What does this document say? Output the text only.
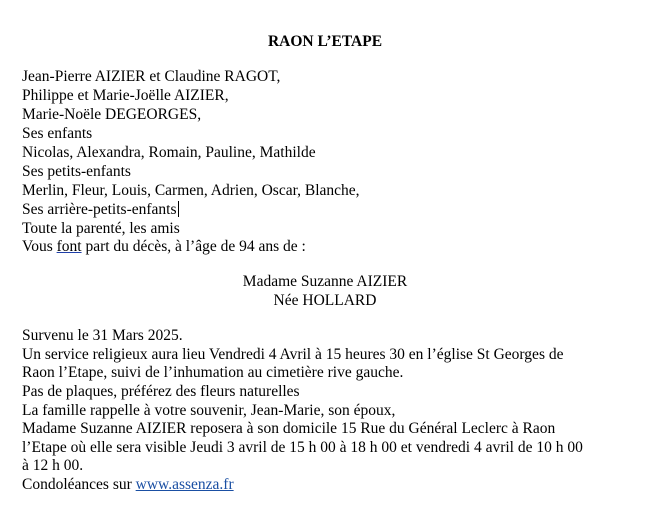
RAON L’ETAPE
Jean-Pierre AIZIER et Claudine RAGOT,
Philippe et Marie-Joëlle AIZIER,
Marie-Noële DEGEORGES,
Ses enfants
Nicolas, Alexandra, Romain, Pauline, Mathilde
Ses petits-enfants
Merlin, Fleur, Louis, Carmen, Adrien, Oscar, Blanche,
Ses arrière-petits-enfants
Toute la parenté, les amis
Vous font part du décès, à l’âge de 94 ans de :
Madame Suzanne AIZIER
Née HOLLARD
Survenu le 31 Mars 2025.
Un service religieux aura lieu Vendredi 4 Avril à 15 heures 30 en l’église St Georges de
Raon l’Etape, suivi de l’inhumation au cimetière rive gauche.
Pas de plaques, préférez des fleurs naturelles
La famille rappelle à votre souvenir, Jean-Marie, son époux,
Madame Suzanne AIZIER reposera à son domicile 15 Rue du Général Leclerc à Raon
l’Etape où elle sera visible Jeudi 3 avril de 15 h 00 à 18 h 00 et vendredi 4 avril de 10 h 00
à 12 h 00.
Condoléances sur www.assenza.fr
